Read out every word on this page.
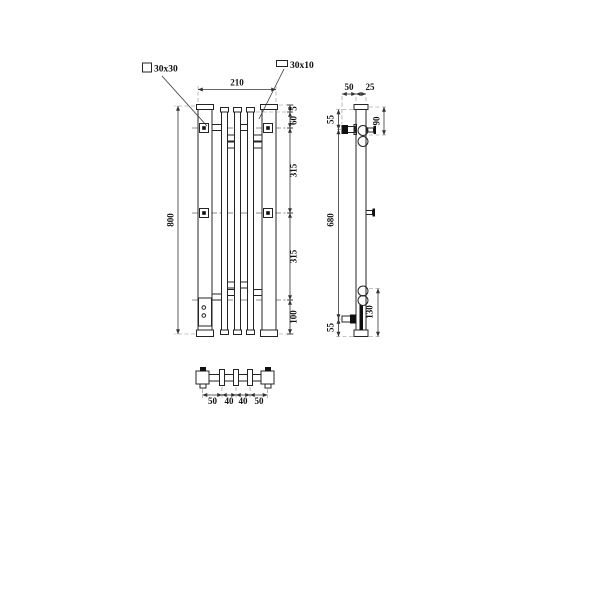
30x30	30x10
210
800
5
60
315
315
100
50 40 40 50
50 25
55
680
55
90
130
